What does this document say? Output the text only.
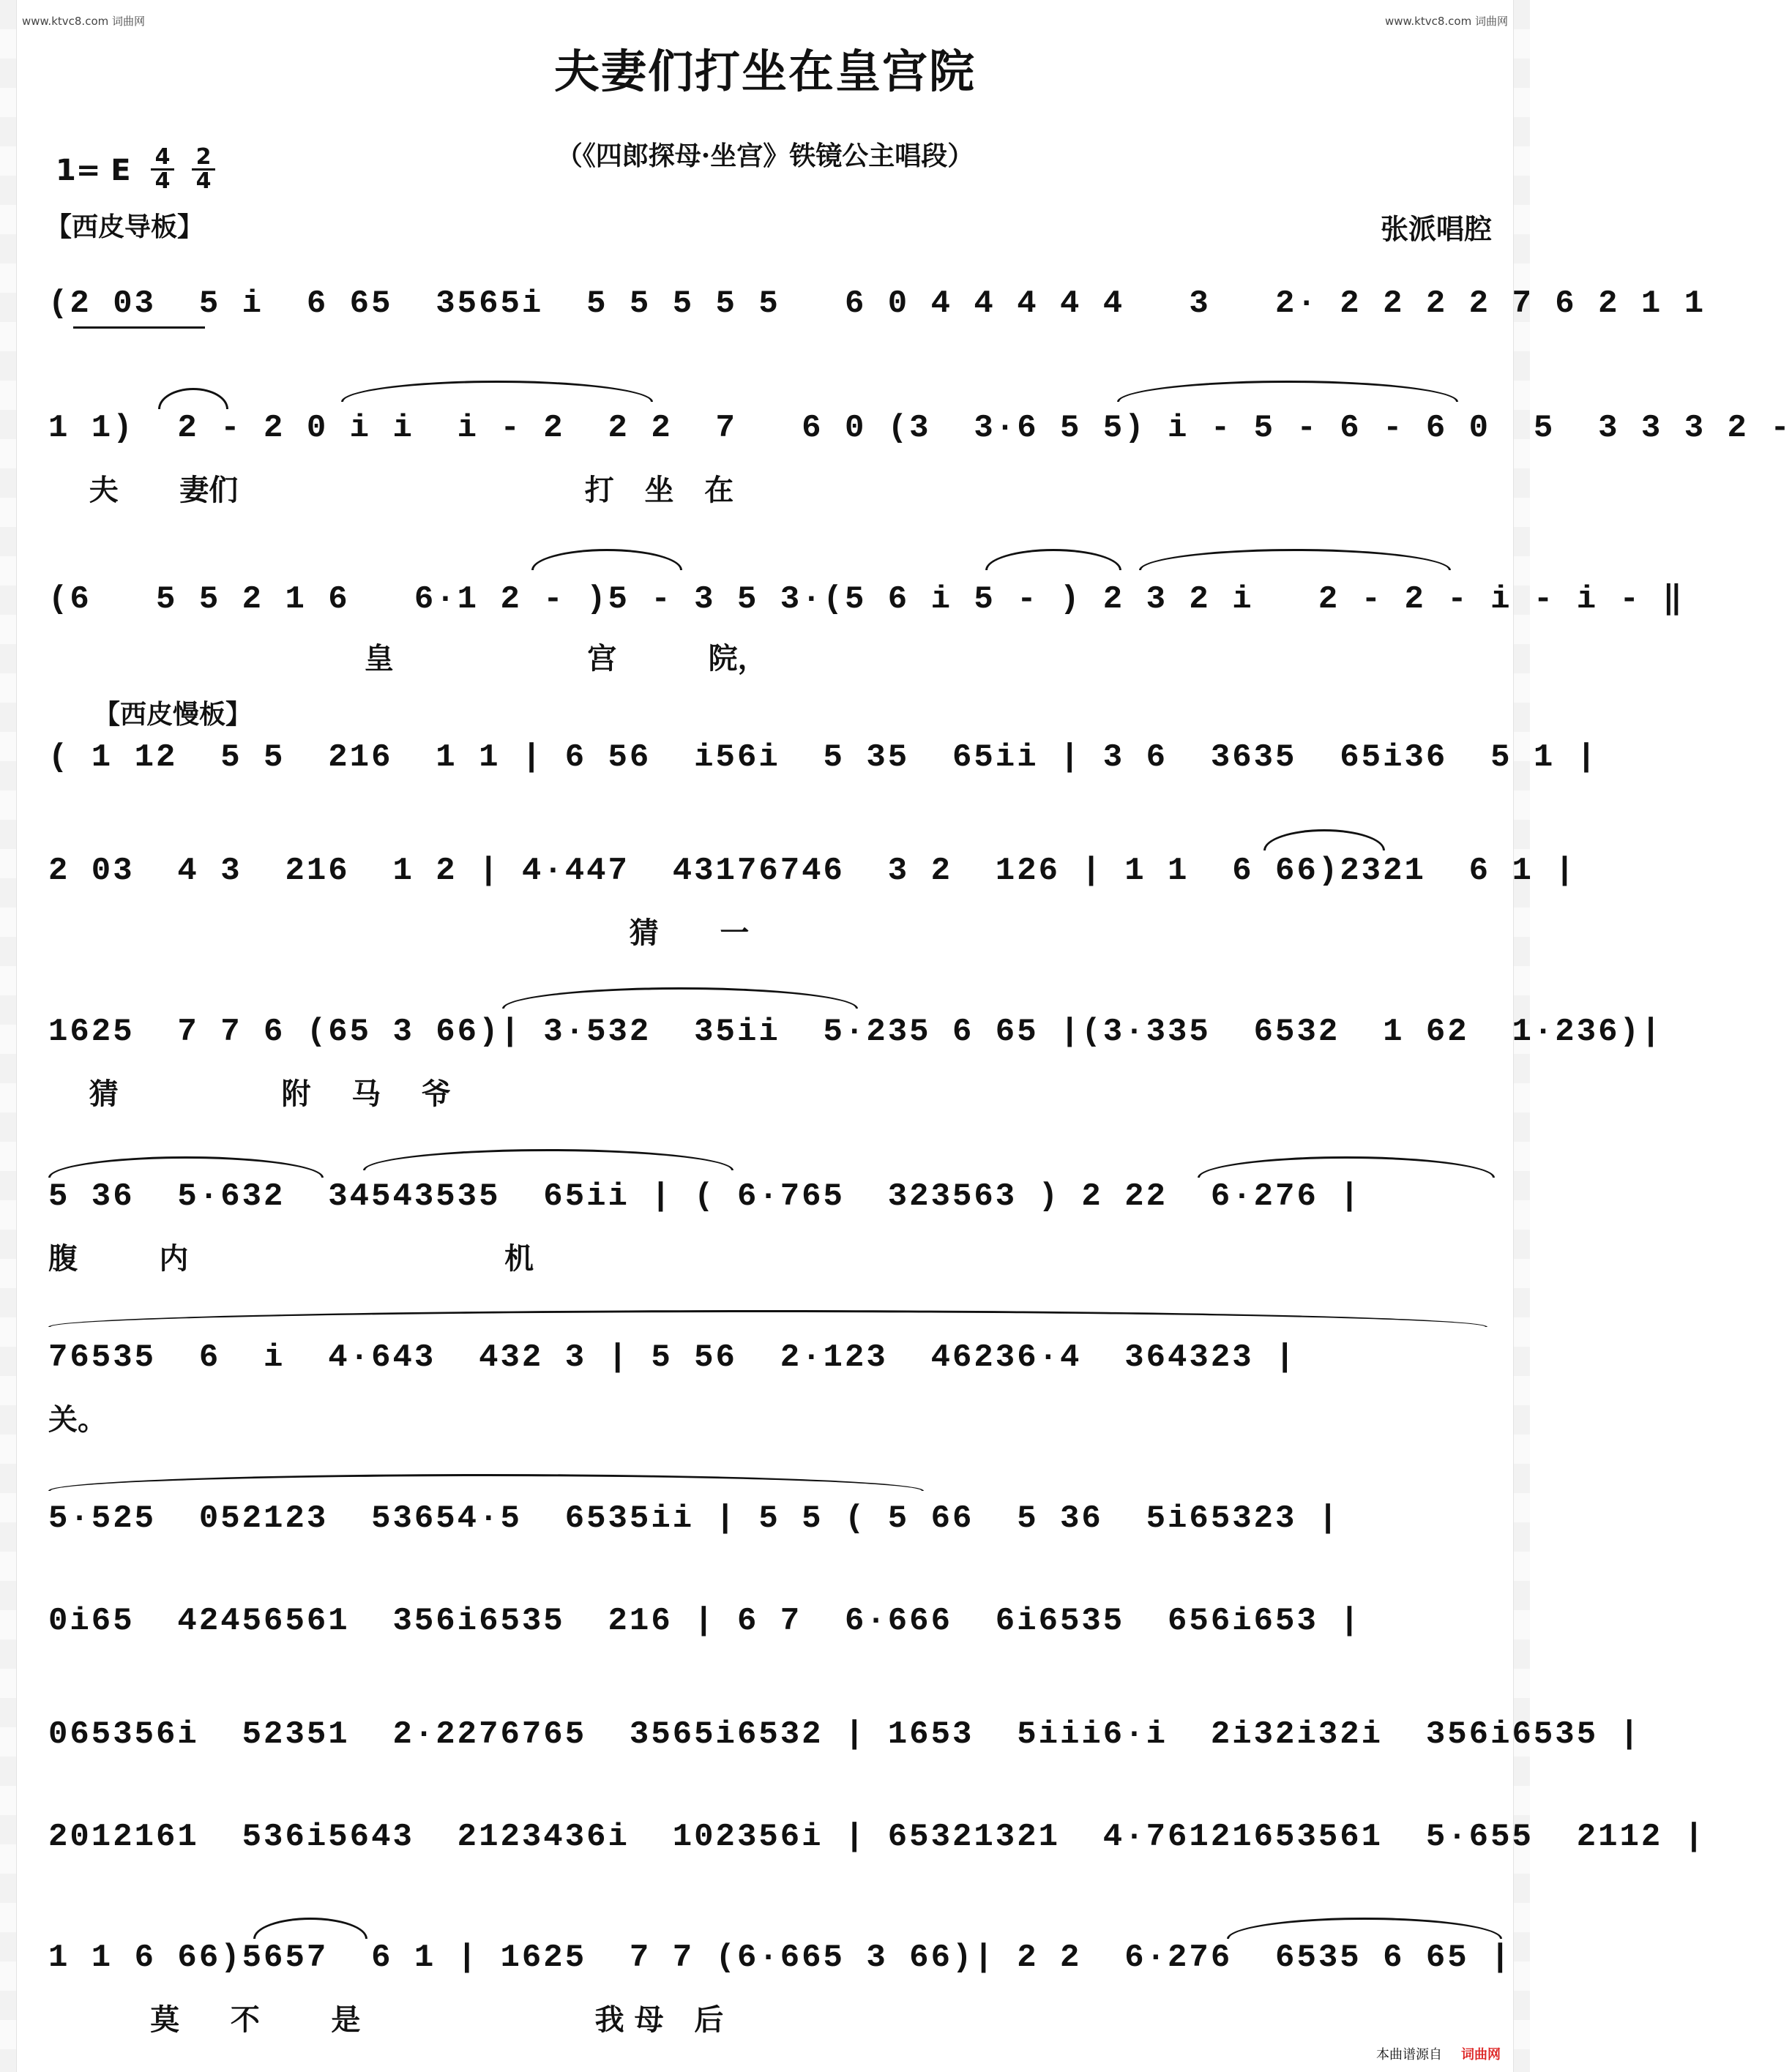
www.ktvc8.com 词曲网	www.ktvc8.com 词曲网
夫妻们打坐在皇宫院
（《四郎探母·坐宫》铁镜公主唱段）
1= E $\frac{4}{4} \frac{2}{4}$
【西皮导板】	张派唱腔
【西皮慢板】
(2 03  5 i  6 65  3565i  5 5 5 5 5   6 0 4 4 4 4 4   3   2· 2 2 2 2 7 6 2 1 1
1 1)  2 - 2 0 i i  i - 2  2 2  7   6 0 (3  3·6 5 5) i - 5 - 6 - 6 0  5  3 3 3 2 -
夫      妻们                                  打   坐   在
(6   5 5 2 1 6   6·1 2 - )5 - 3 5 3·(5 6 i 5 - ) 2 3 2 i   2 - 2 - i - i - ‖
皇                   宫         院，
( 1 12  5 5  216  1 1 | 6 56  i56i  5 35  65ii | 3 6  3635  65i36  5 1 |
2 03  4 3  216  1 2 | 4·447  43176746  3 2  126 | 1 1  6 66)2321  6 1 |
猜      一
1625  7 7 6 (65 3 66)| 3·532  35ii  5·235 6 65 |(3·335  6532  1 62  1·236)|
猜                附    马    爷
5 36  5·632  34543535  65ii | ( 6·765  323563 ) 2 22  6·276 |
腹        内                               机
76535  6  i  4·643  432 3 | 5 56  2·123  46236·4  364323 |
关。
5·525  052123  53654·5  6535ii | 5 5 ( 5 66  5 36  5i65323 |
0i65  42456561  356i6535  216 | 6 7  6·666  6i6535  656i653 |
065356i  52351  2·2276765  3565i6532 | 1653  5iii6·i  2i32i32i  356i6535 |
2012161  536i5643  2123436i  102356i | 65321321  4·76121653561  5·655  2112 |
1 1 6 66)5657  6 1 | 1625  7 7 (6·665 3 66)| 2 2  6·276  6535 6 65 |
莫     不       是                       我 母   后
本曲谱源自 词曲网
